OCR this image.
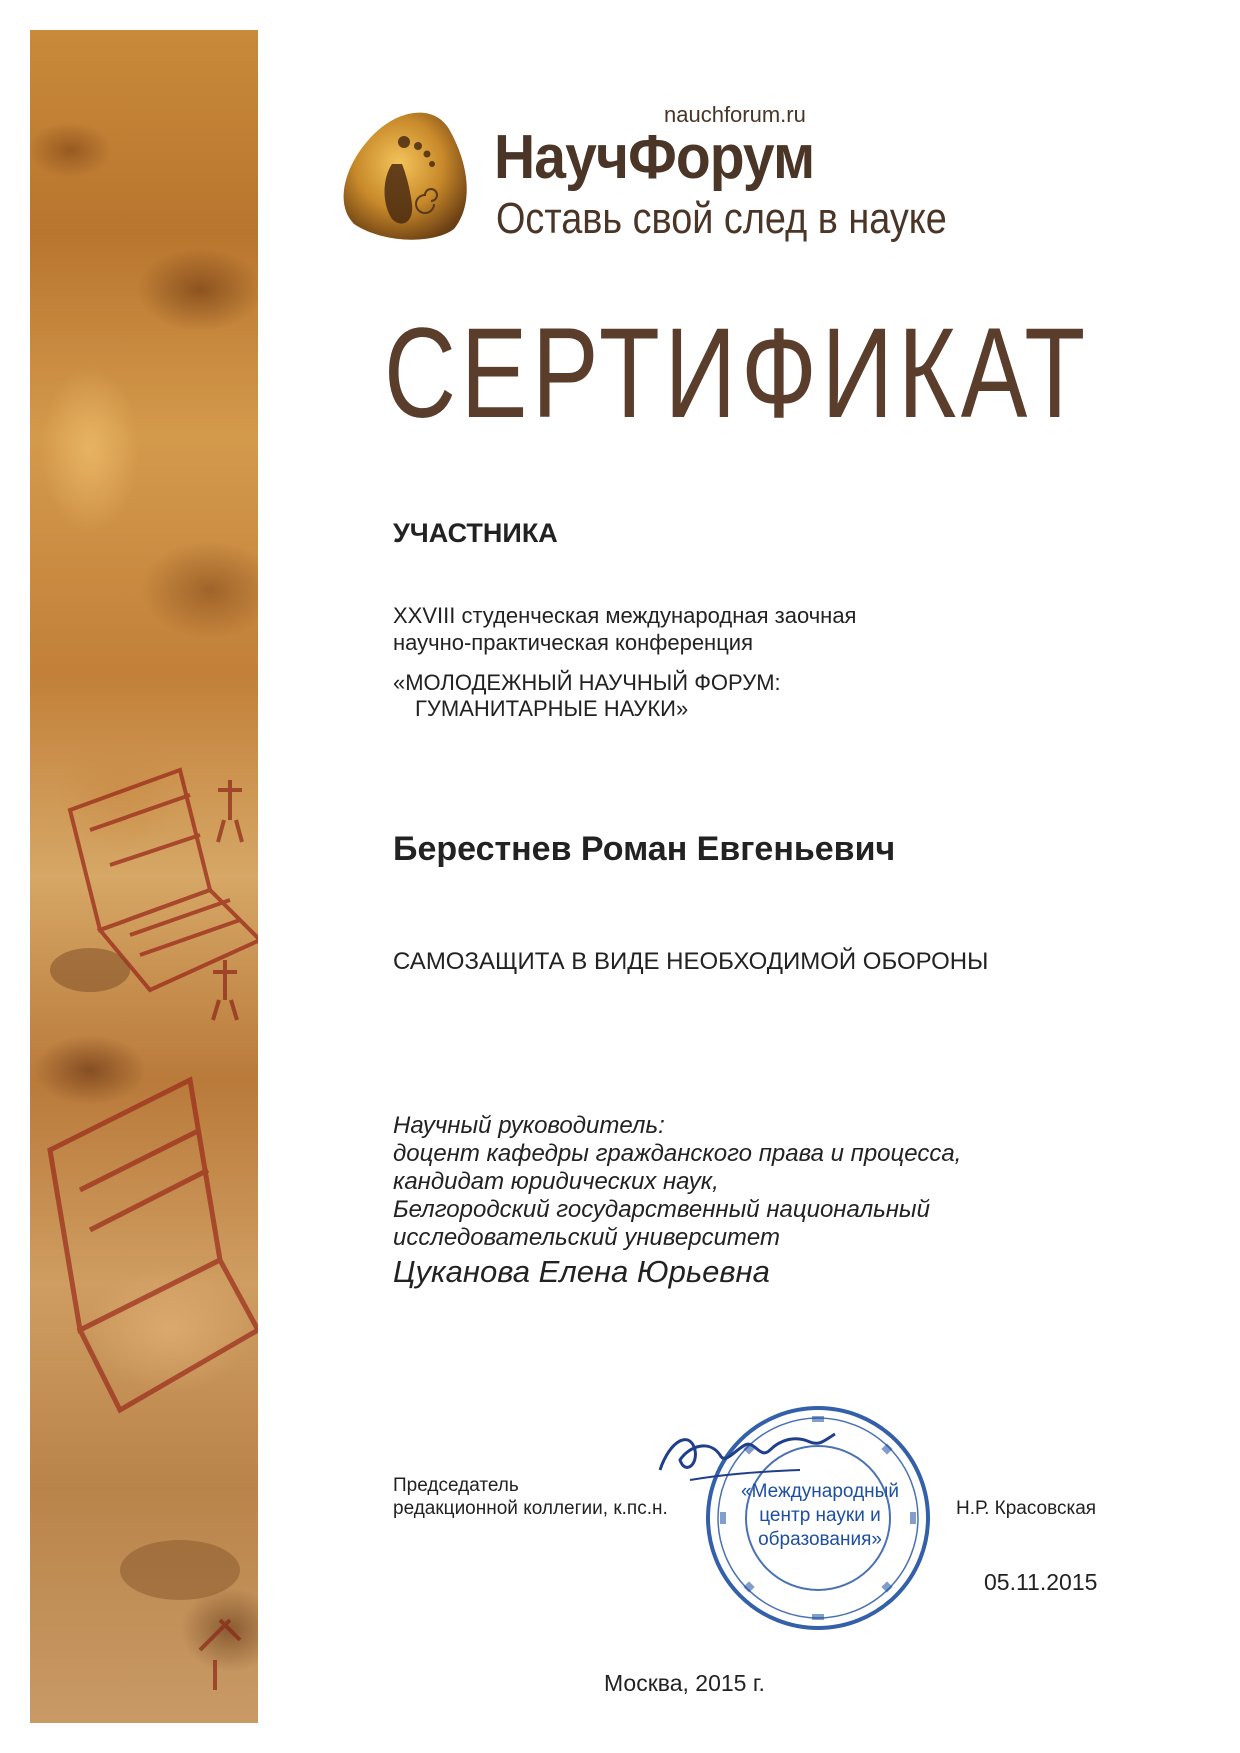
nauchforum.ru
НаучФорум
Оставь свой след в науке
СЕРТИФИКАТ
УЧАСТНИКА
XXVIII студенческая международная заочная
научно-практическая конференция
«МОЛОДЕЖНЫЙ НАУЧНЫЙ ФОРУМ:
ГУМАНИТАРНЫЕ НАУКИ»
Берестнев Роман Евгеньевич
САМОЗАЩИТА В ВИДЕ НЕОБХОДИМОЙ ОБОРОНЫ
Научный руководитель:
доцент кафедры гражданского права и процесса,
кандидат юридических наук,
Белгородский государственный национальный
исследовательский университет
Цуканова Елена Юрьевна
Председатель
редакционной коллегии, к.пс.н.
«Международный
центр науки и
образования»
Н.Р. Красовская
05.11.2015
Москва, 2015 г.
